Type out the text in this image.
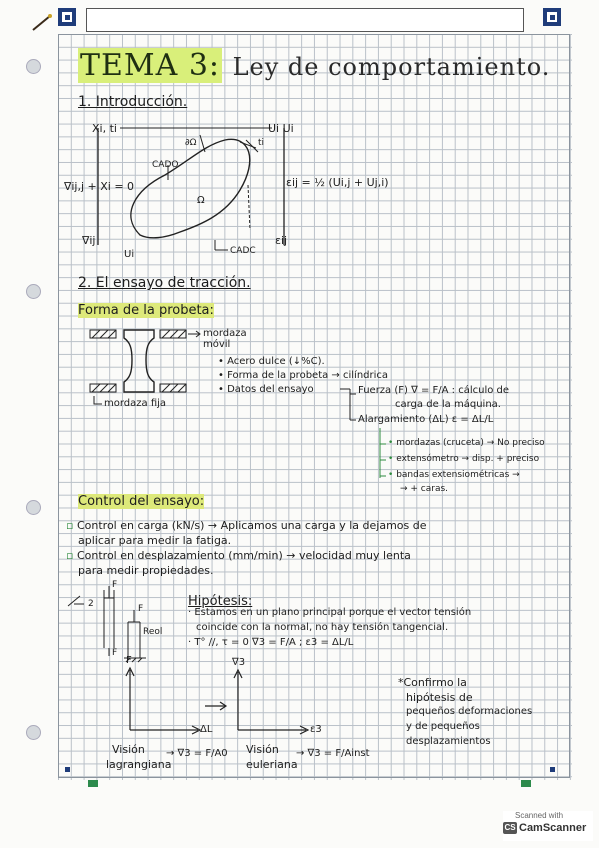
TEMA 3: Ley de comportamiento.
1. Introducción.
Xi, ti	Ui Ui
∂Ω	ti
CADO
Ω
∇ij,j + Xi = 0	εij = ½ (Ui,j + Uj,i)
∇ij
Ui	CADC
εij
2. El ensayo de tracción.
Forma de la probeta:
mordaza
móvil
mordaza fija
• Acero dulce (↓%C).
• Forma de la probeta → cilíndrica
• Datos del ensayo	Fuerza (F) ∇ = F/A : cálculo de
carga de la máquina.
Alargamiento (ΔL) ε = ΔL/L
• mordazas (cruceta) → No preciso
• extensómetro → disp. + preciso
• bandas extensiométricas →
→ + caras.
Control del ensayo:
▫ Control en carga (kN/s) → Aplicamos una carga y la dejamos de
aplicar para medir la fatiga.
▫ Control en desplazamiento (mm/min) → velocidad muy lenta
para medir propiedades.
2
F
F
F
Reol
Hipótesis:
· Estamos en un plano principal porque el vector tensión
coincide con la normal, no hay tensión tangencial.
· T° //, τ = 0 ∇3 = F/A ; ε3 = ΔL/L
F
ΔL
∇3
ε3
*Confirmo la
hipótesis de
pequeños deformaciones
y de pequeños
desplazamientos
Visión
lagrangiana
→ ∇3 = F/A0 Visión
euleriana
→ ∇3 = F/Ainst
Scanned with
CS CamScanner
